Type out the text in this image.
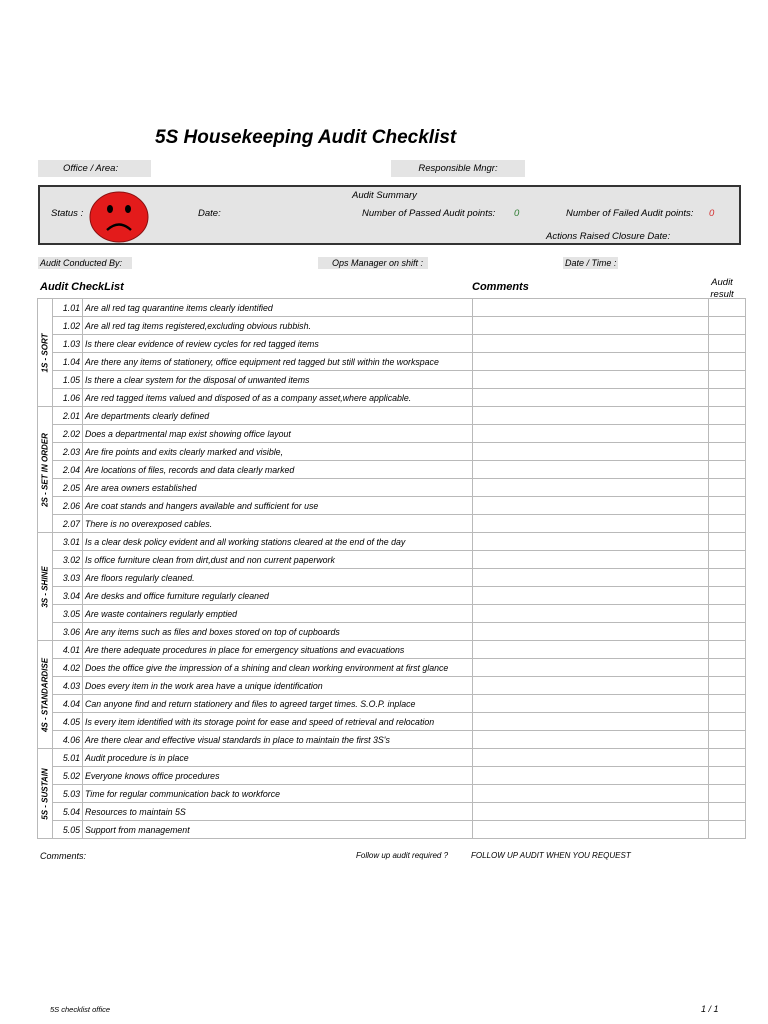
5S Housekeeping Audit Checklist
Office / Area:	Responsible Mngr:
Audit Summary
Status :	Date:	Number of Passed Audit points: 0	Number of Failed Audit points: 0
Actions Raised Closure Date:
Audit Conducted By:	Ops Manager on shift :	Date / Time :
Audit CheckList	Comments	Audit result
1S - SORT	1.01	Are all red tag quarantine items clearly identified		
	1.02	Are all red tag items registered,excluding obvious rubbish.		
	1.03	Is there clear evidence of review cycles for red tagged items		
	1.04	Are there any items of stationery, office equipment red tagged but still within the workspace		
	1.05	Is there a clear system for the disposal of unwanted items		
	1.06	Are red tagged items valued and disposed of as a company asset,where applicable.		

2S - SET IN ORDER	2.01	Are departments clearly defined		
	2.02	Does a departmental map exist showing office layout		
	2.03	Are fire points and exits clearly marked and visible,		
	2.04	Are locations of files, records and data clearly marked		
	2.05	Are area owners established		
	2.06	Are coat stands and hangers available and sufficient for use		
	2.07	There is no overexposed cables.		

3S - SHINE	3.01	Is a clear desk policy evident and all working stations cleared at the end of the day		
	3.02	Is office furniture clean from dirt,dust and non current paperwork		
	3.03	Are floors regularly cleaned.		
	3.04	Are desks and office furniture regularly cleaned		
	3.05	Are waste containers regularly emptied		
	3.06	Are any items such as files and boxes stored on top of cupboards		

4S - STANDARDISE	4.01	Are there adequate procedures in place for emergency situations and evacuations		
	4.02	Does the office give the impression of a shining and clean working environment at first glance		
	4.03	Does every item in the work area have a unique identification		
	4.04	Can anyone find and return stationery and files to agreed target times. S.O.P. inplace		
	4.05	Is every item identified with its storage point for ease and speed of retrieval and relocation		
	4.06	Are there clear and effective visual standards in place to maintain the first 3S's		

5S - SUSTAIN	5.01	Audit procedure is in place		
	5.02	Everyone knows office procedures		
	5.03	Time for regular communication back to workforce		
	5.04	Resources to maintain 5S		
	5.05	Support from management		
Comments:	Follow up audit required ?	FOLLOW UP AUDIT WHEN YOU REQUEST
5S checklist office	1 / 1
